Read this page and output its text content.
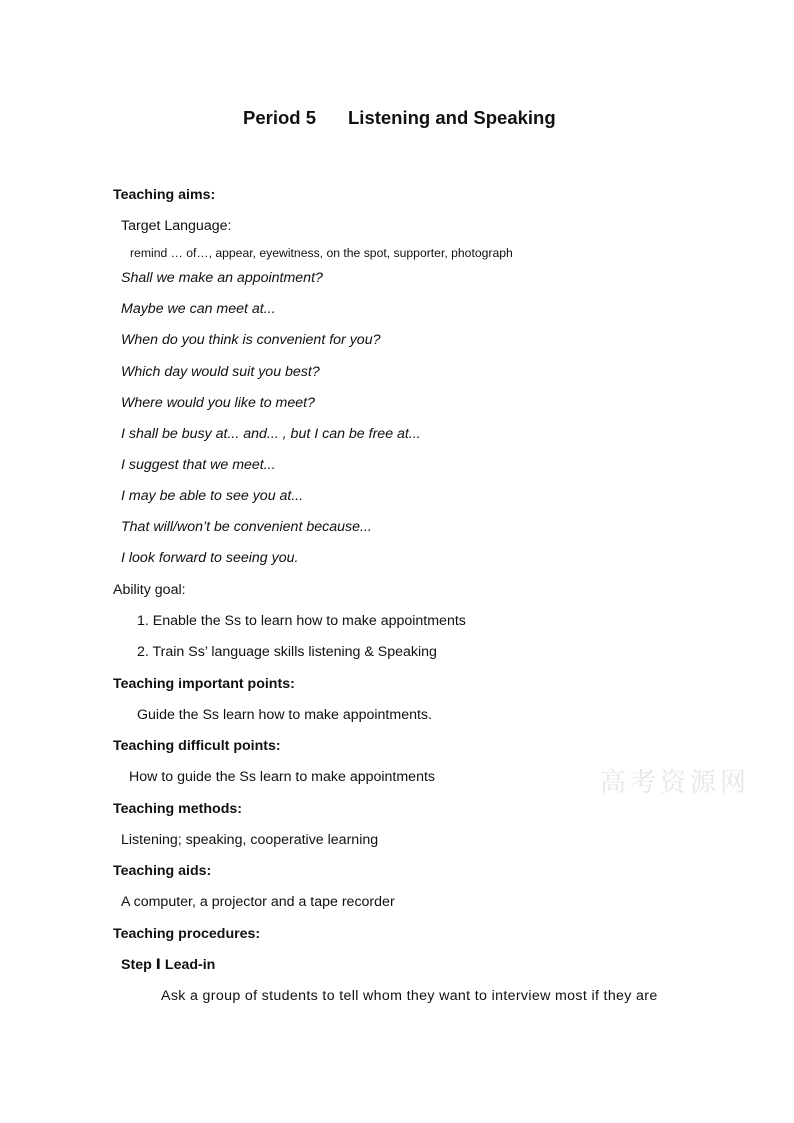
Period 5 Listening and Speaking
Teaching aims:
Target Language:
remind … of…, appear, eyewitness, on the spot, supporter, photograph
Shall we make an appointment?
Maybe we can meet at...
When do you think is convenient for you?
Which day would suit you best?
Where would you like to meet?
I shall be busy at... and... , but I can be free at...
I suggest that we meet...
I may be able to see you at...
That will/won’t be convenient because...
I look forward to seeing you.
Ability goal:
1. Enable the Ss to learn how to make appointments
2. Train Ss’ language skills listening & Speaking
Teaching important points:
Guide the Ss learn how to make appointments.
Teaching difficult points:
How to guide the Ss learn to make appointments
Teaching methods:
Listening; speaking, cooperative learning
Teaching aids:
A computer, a projector and a tape recorder
Teaching procedures:
Step Ⅰ Lead-in
Ask a group of students to tell whom they want to interview most if they are
高考资源网
